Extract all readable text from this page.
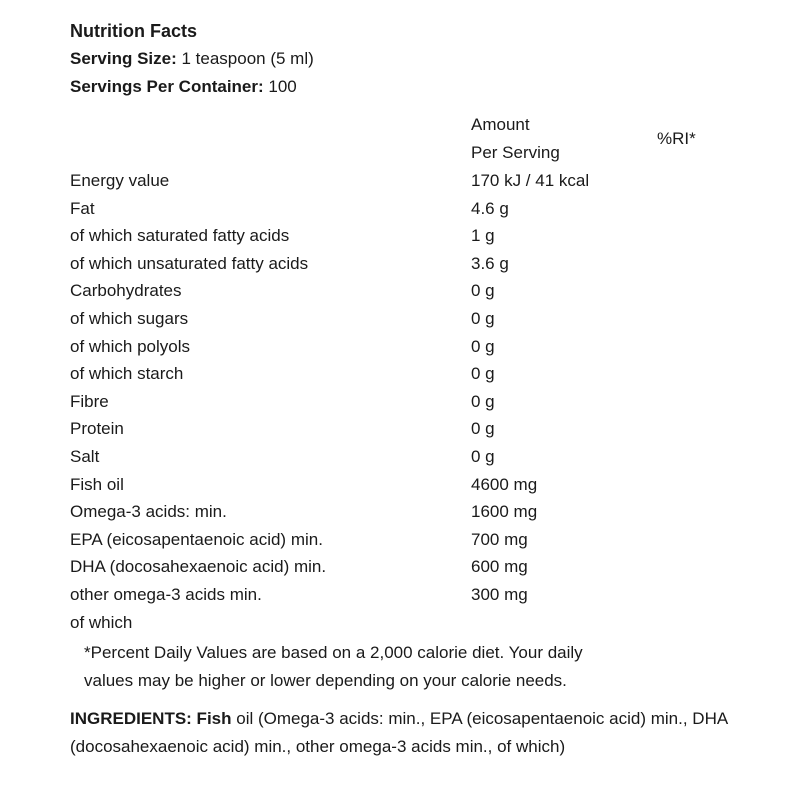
Nutrition Facts
Serving Size: 1 teaspoon (5 ml)
Servings Per Container: 100
Amount
Per Serving
%RI*
Energy value	170 kJ / 41 kcal
Fat	4.6 g
of which saturated fatty acids	1 g
of which unsaturated fatty acids	3.6 g
Carbohydrates	0 g
of which sugars	0 g
of which polyols	0 g
of which starch	0 g
Fibre	0 g
Protein	0 g
Salt	0 g
Fish oil	4600 mg
Omega-3 acids: min.	1600 mg
EPA (eicosapentaenoic acid) min.	700 mg
DHA (docosahexaenoic acid) min.	600 mg
other omega-3 acids min.	300 mg
of which	
*Percent Daily Values are based on a 2,000 calorie diet. Your daily
values may be higher or lower depending on your calorie needs.
INGREDIENTS: Fish oil (Omega-3 acids: min., EPA (eicosapentaenoic acid) min., DHA (docosahexaenoic acid) min., other omega-3 acids min., of which)
